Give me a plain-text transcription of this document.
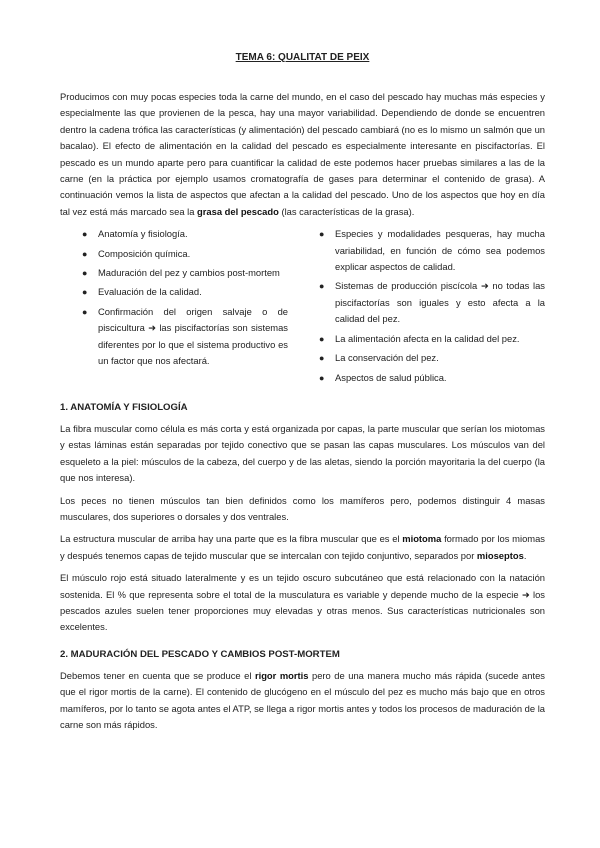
TEMA 6: QUALITAT DE PEIX

Producimos con muy pocas especies toda la carne del mundo, en el caso del pescado hay muchas más especies y especialmente las que provienen de la pesca, hay una mayor variabilidad. Dependiendo de donde se encuentren dentro la cadena trófica las características (y alimentación) del pescado cambiará (no es lo mismo un salmón que un bacalao). El efecto de alimentación en la calidad del pescado es especialmente interesante en piscifactorías. El pescado es un mundo aparte pero para cuantificar la calidad de este podemos hacer pruebas similares a las de la carne (en la práctica por ejemplo usamos cromatografía de gases para determinar el contenido de grasa). A continuación vemos la lista de aspectos que afectan a la calidad del pescado. Uno de los aspectos que hoy en día tal vez está más marcado sea la grasa del pescado (las características de la grasa).

● Anatomía y fisiología.
● Composición química.
● Maduración del pez y cambios post-mortem
● Evaluación de la calidad.
● Confirmación del origen salvaje o de piscicultura ➜ las piscifactorías son sistemas diferentes por lo que el sistema productivo es un factor que nos afectará.
● Especies y modalidades pesqueras, hay mucha variabilidad, en función de cómo sea podemos explicar aspectos de calidad.
● Sistemas de producción piscícola ➜ no todas las piscifactorías son iguales y esto afecta a la calidad del pez.
● La alimentación afecta en la calidad del pez.
● La conservación del pez.
● Aspectos de salud pública.
1. ANATOMÍA Y FISIOLOGÍA

La fibra muscular como célula es más corta y está organizada por capas, la parte muscular que serían los miotomas y estas láminas están separadas por tejido conectivo que se pasan las capas musculares. Los músculos van del esqueleto a la piel: músculos de la cabeza, del cuerpo y de las aletas, siendo la porción mayoritaria la del cuerpo (la que nos interesa).

Los peces no tienen músculos tan bien definidos como los mamíferos pero, podemos distinguir 4 masas musculares, dos superiores o dorsales y dos ventrales.

La estructura muscular de arriba hay una parte que es la fibra muscular que es el miotoma formado por los miomas y después tenemos capas de tejido muscular que se intercalan con tejido conjuntivo, separados por mioseptos.

El músculo rojo está situado lateralmente y es un tejido oscuro subcutáneo que está relacionado con la natación sostenida. El % que representa sobre el total de la musculatura es variable y depende mucho de la especie ➜ los pescados azules suelen tener proporciones muy elevadas y otras menos. Sus características nutricionales son excelentes.

2. MADURACIÓN DEL PESCADO Y CAMBIOS POST-MORTEM

Debemos tener en cuenta que se produce el rigor mortis pero de una manera mucho más rápida (sucede antes que el rigor mortis de la carne). El contenido de glucógeno en el músculo del pez es mucho más bajo que en otros mamíferos, por lo tanto se agota antes el ATP, se llega a rigor mortis antes y todos los procesos de maduración de la carne son más rápidos.
